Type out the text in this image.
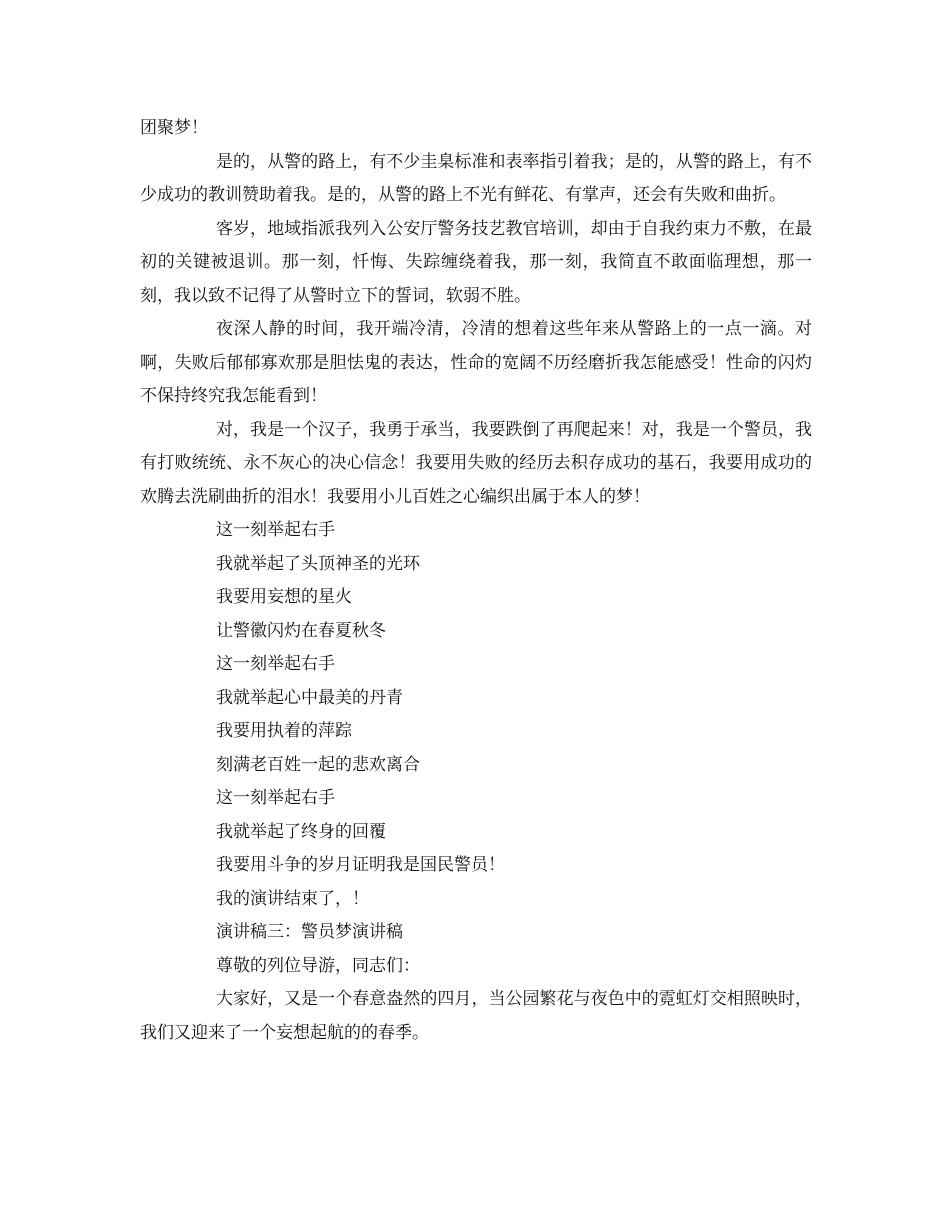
团聚梦！

是的，从警的路上，有不少圭臬标准和表率指引着我；是的，从警的路上，有不少成功的教训赞助着我。是的，从警的路上不光有鲜花、有掌声，还会有失败和曲折。

客岁，地域指派我列入公安厅警务技艺教官培训，却由于自我约束力不敷，在最初的关键被退训。那一刻，忏悔、失踪缠绕着我，那一刻，我简直不敢面临理想，那一刻，我以致不记得了从警时立下的誓词，软弱不胜。

夜深人静的时间，我开端冷清，冷清的想着这些年来从警路上的一点一滴。对啊，失败后郁郁寡欢那是胆怯鬼的表达，性命的宽阔不历经磨折我怎能感受！性命的闪灼不保持终究我怎能看到！

对，我是一个汉子，我勇于承当，我要跌倒了再爬起来！对，我是一个警员，我有打败统统、永不灰心的决心信念！我要用失败的经历去积存成功的基石，我要用成功的欢腾去洗刷曲折的泪水！我要用小儿百姓之心编织出属于本人的梦！

这一刻举起右手

我就举起了头顶神圣的光环

我要用妄想的星火

让警徽闪灼在春夏秋冬

这一刻举起右手

我就举起心中最美的丹青

我要用执着的萍踪

刻满老百姓一起的悲欢离合

这一刻举起右手

我就举起了终身的回覆

我要用斗争的岁月证明我是国民警员！

我的演讲结束了，！

演讲稿三：警员梦演讲稿

尊敬的列位导游，同志们：

大家好，又是一个春意盎然的四月，当公园繁花与夜色中的霓虹灯交相照映时，我们又迎来了一个妄想起航的的春季。
